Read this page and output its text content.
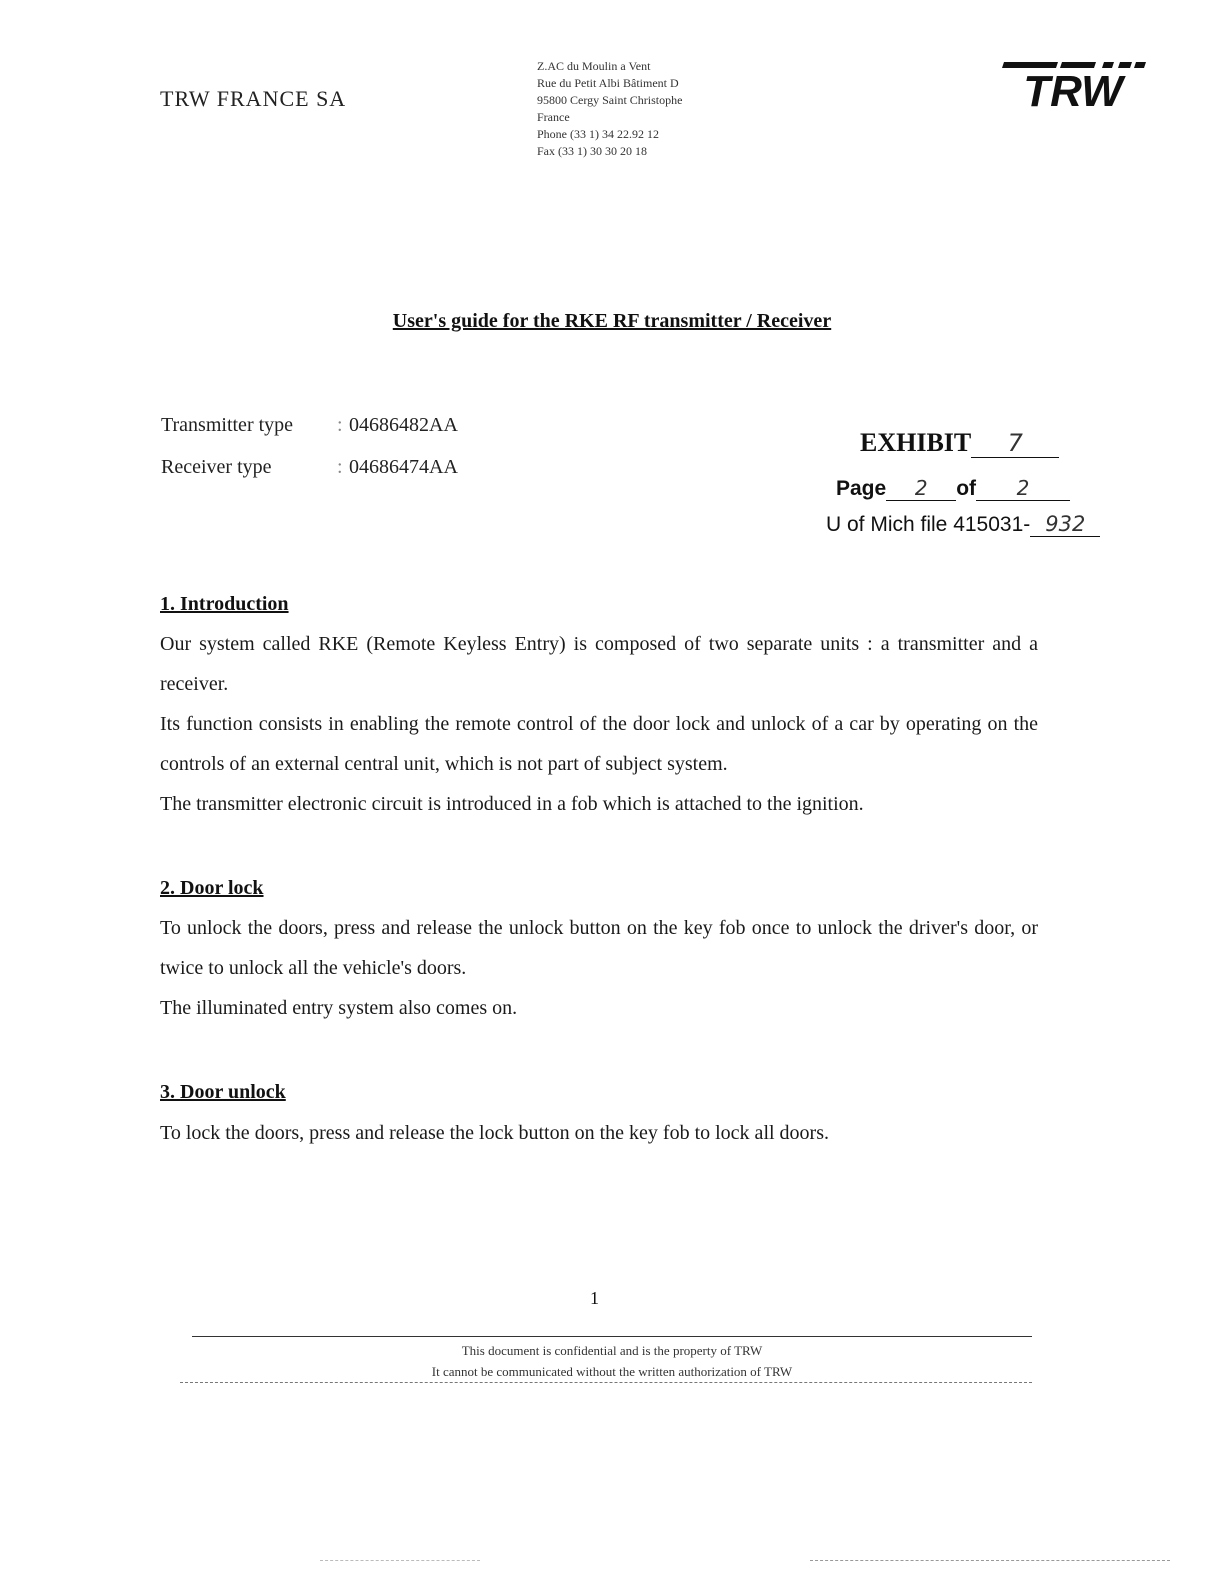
TRW FRANCE SA
Z.AC du Moulin a Vent
Rue du Petit Albi Bâtiment D
95800 Cergy Saint Christophe
France
Phone (33 1) 34 22.92 12
Fax (33 1) 30 30 20 18
TRW
User's guide for the RKE RF transmitter / Receiver
Transmitter type	: 04686482AA
Receiver type	: 04686474AA
EXHIBIT 7
Page 2 of 2
U of Mich file 415031- 932
1. Introduction

Our system called RKE (Remote Keyless Entry) is composed of two separate units : a transmitter and a receiver.

Its function consists in enabling the remote control of the door lock and unlock of a car by operating on the controls of an external central unit, which is not part of subject system.

The transmitter electronic circuit is introduced in a fob which is attached to the ignition.

2. Door lock

To unlock the doors, press and release the unlock button on the key fob once to unlock the driver's door, or twice to unlock all the vehicle's doors.

The illuminated entry system also comes on.

3. Door unlock

To lock the doors, press and release the lock button on the key fob to lock all doors.

1
This document is confidential and is the property of TRW
It cannot be communicated without the written authorization of TRW
